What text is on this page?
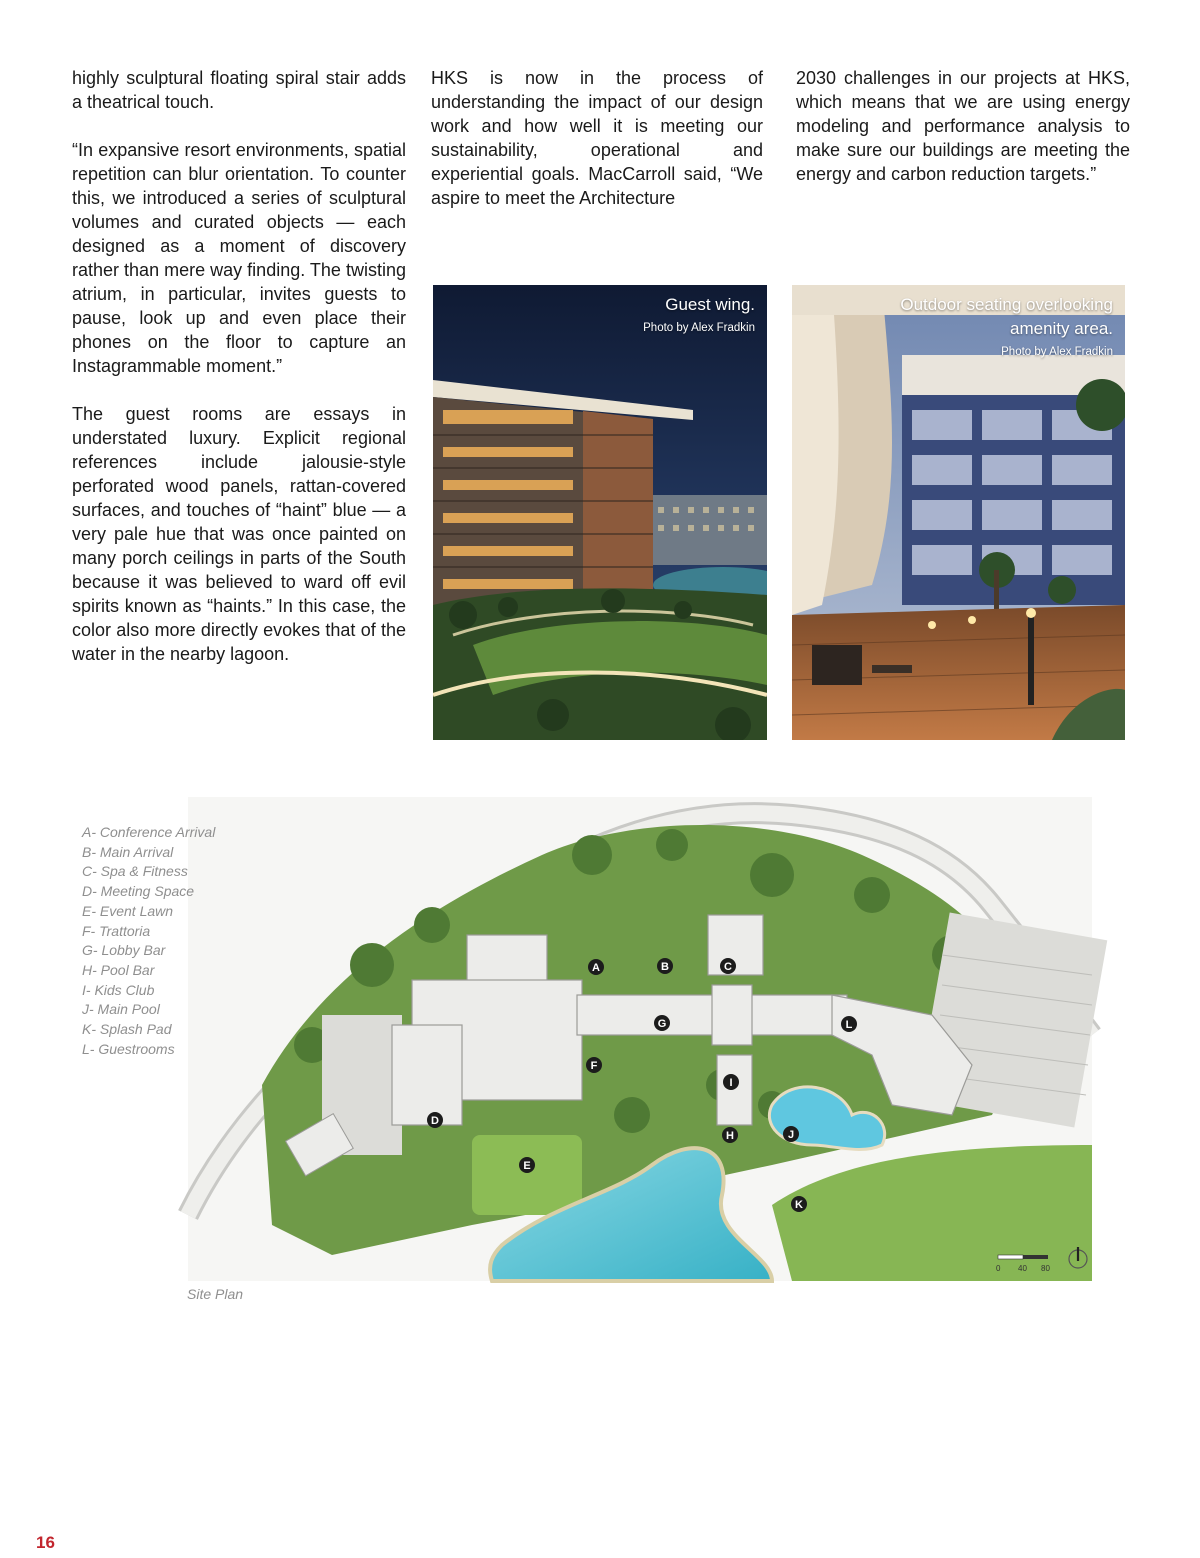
highly sculptural floating spiral stair adds a theatrical touch.

“In expansive resort environments, spatial repetition can blur orientation. To counter this, we introduced a series of sculptural volumes and curated objects — each designed as a moment of discovery rather than mere way finding. The twisting atrium, in particular, invites guests to pause, look up and even place their phones on the floor to capture an Instagrammable moment.”

The guest rooms are essays in understated luxury. Explicit regional references include jalousie-style perforated wood panels, rattan-covered surfaces, and touches of “haint” blue — a very pale hue that was once painted on many porch ceilings in parts of the South because it was believed to ward off evil spirits known as “haints.” In this case, the color also more directly evokes that of the water in the nearby lagoon.

HKS is now in the process of understanding the impact of our design work and how well it is meeting our sustainability, operational and experiential goals. MacCarroll said, “We aspire to meet the Architecture

2030 challenges in our projects at HKS, which means that we are using energy modeling and performance analysis to make sure our buildings are meeting the energy and carbon reduction targets.”

Guest wing.
Photo by Alex Fradkin
Outdoor seating overlooking amenity area.
Photo by Alex Fradkin
0 40 80
A	B	C
D
E
F
G
H
I
J
K
L
A- Conference Arrival
B- Main Arrival
C- Spa & Fitness
D- Meeting Space
E- Event Lawn
F- Trattoria
G- Lobby Bar
H- Pool Bar
I- Kids Club
J- Main Pool
K- Splash Pad
L- Guestrooms
Site Plan
16
